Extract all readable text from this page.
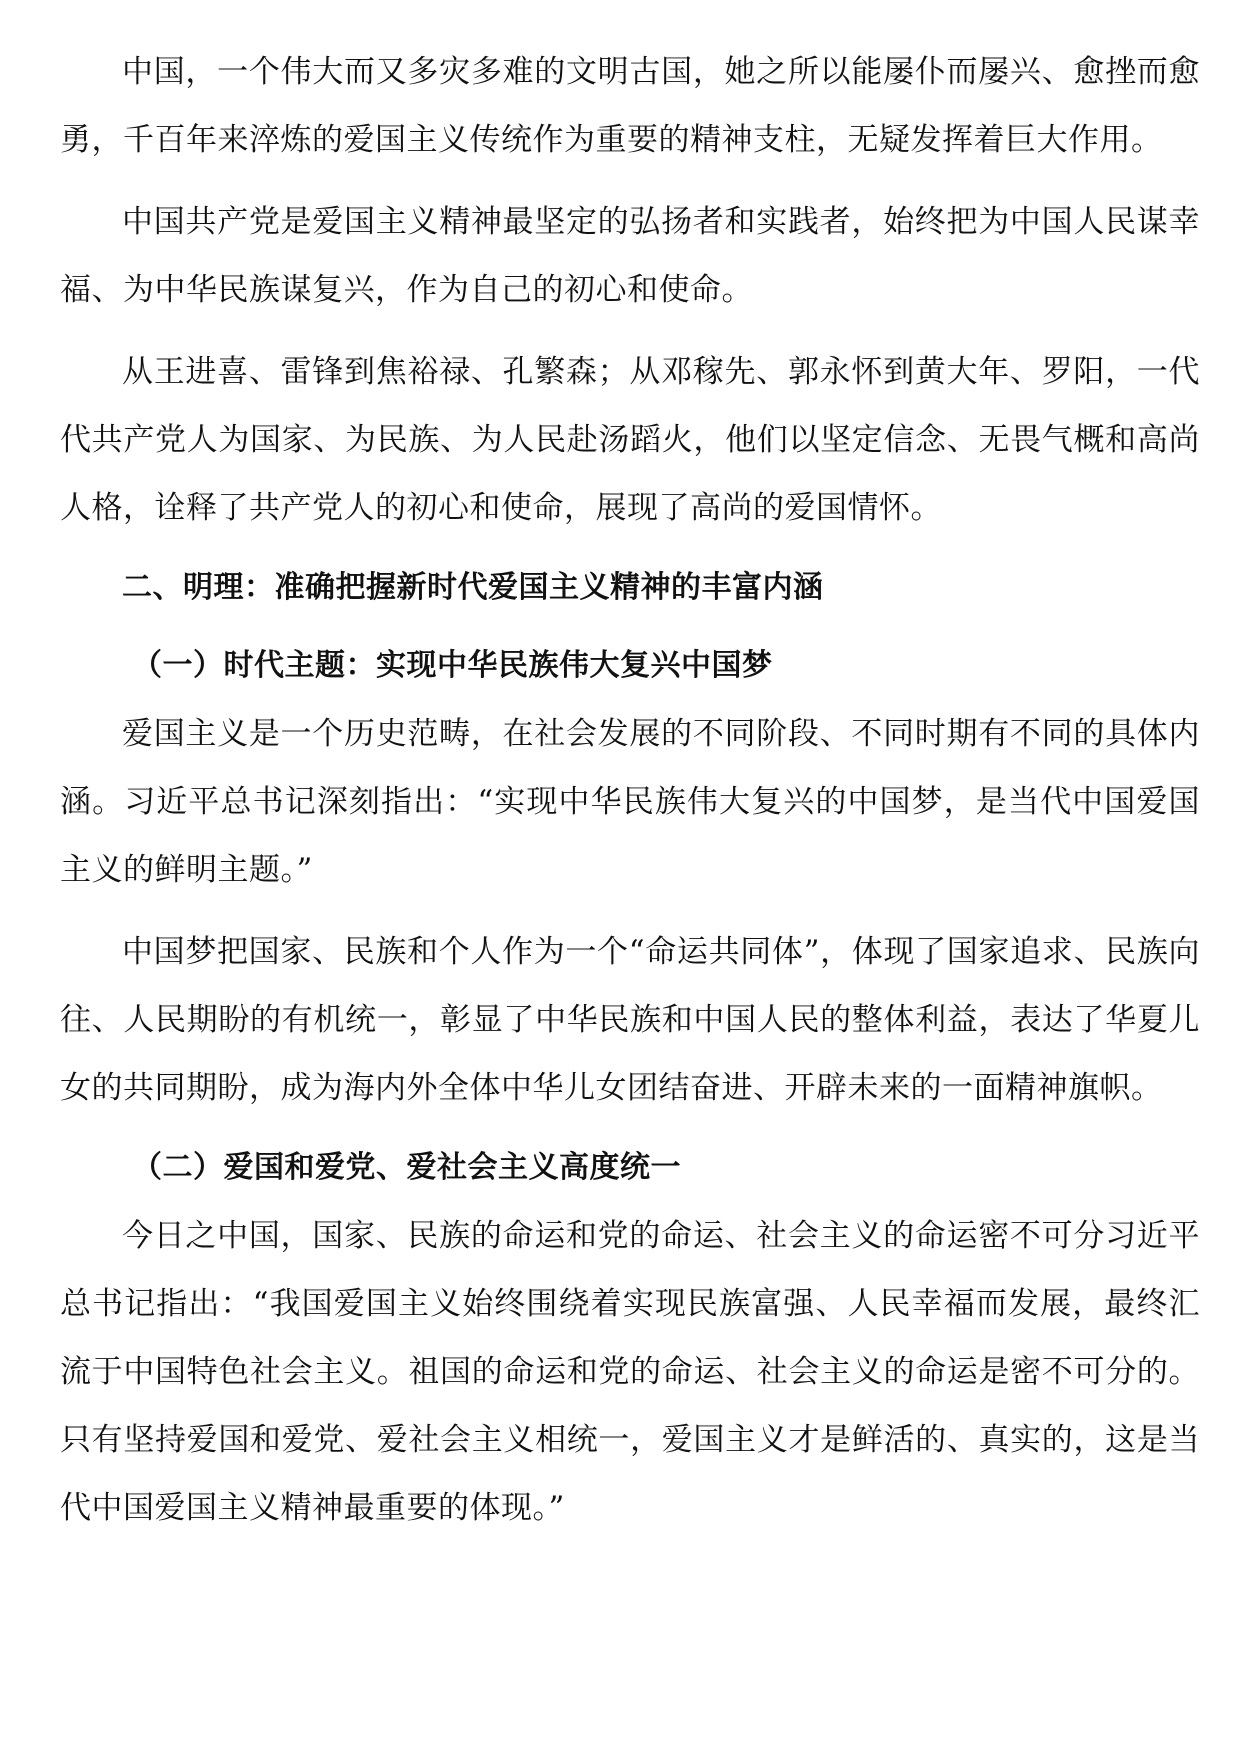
中国，一个伟大而又多灾多难的文明古国，她之所以能屡仆而屡兴、愈挫而愈勇，千百年来淬炼的爱国主义传统作为重要的精神支柱，无疑发挥着巨大作用。

中国共产党是爱国主义精神最坚定的弘扬者和实践者，始终把为中国人民谋幸福、为中华民族谋复兴，作为自己的初心和使命。

从王进喜、雷锋到焦裕禄、孔繁森；从邓稼先、郭永怀到黄大年、罗阳，一代代共产党人为国家、为民族、为人民赴汤蹈火，他们以坚定信念、无畏气概和高尚人格，诠释了共产党人的初心和使命，展现了高尚的爱国情怀。

二、明理：准确把握新时代爱国主义精神的丰富内涵
（一）时代主题：实现中华民族伟大复兴中国梦

爱国主义是一个历史范畴，在社会发展的不同阶段、不同时期有不同的具体内涵。习近平总书记深刻指出：“实现中华民族伟大复兴的中国梦，是当代中国爱国主义的鲜明主题。”

中国梦把国家、民族和个人作为一个“命运共同体”，体现了国家追求、民族向往、人民期盼的有机统一，彰显了中华民族和中国人民的整体利益，表达了华夏儿女的共同期盼，成为海内外全体中华儿女团结奋进、开辟未来的一面精神旗帜。

（二）爱国和爱党、爱社会主义高度统一

今日之中国，国家、民族的命运和党的命运、社会主义的命运密不可分习近平总书记指出：“我国爱国主义始终围绕着实现民族富强、人民幸福而发展，最终汇流于中国特色社会主义。祖国的命运和党的命运、社会主义的命运是密不可分的。只有坚持爱国和爱党、爱社会主义相统一，爱国主义才是鲜活的、真实的，这是当代中国爱国主义精神最重要的体现。”
